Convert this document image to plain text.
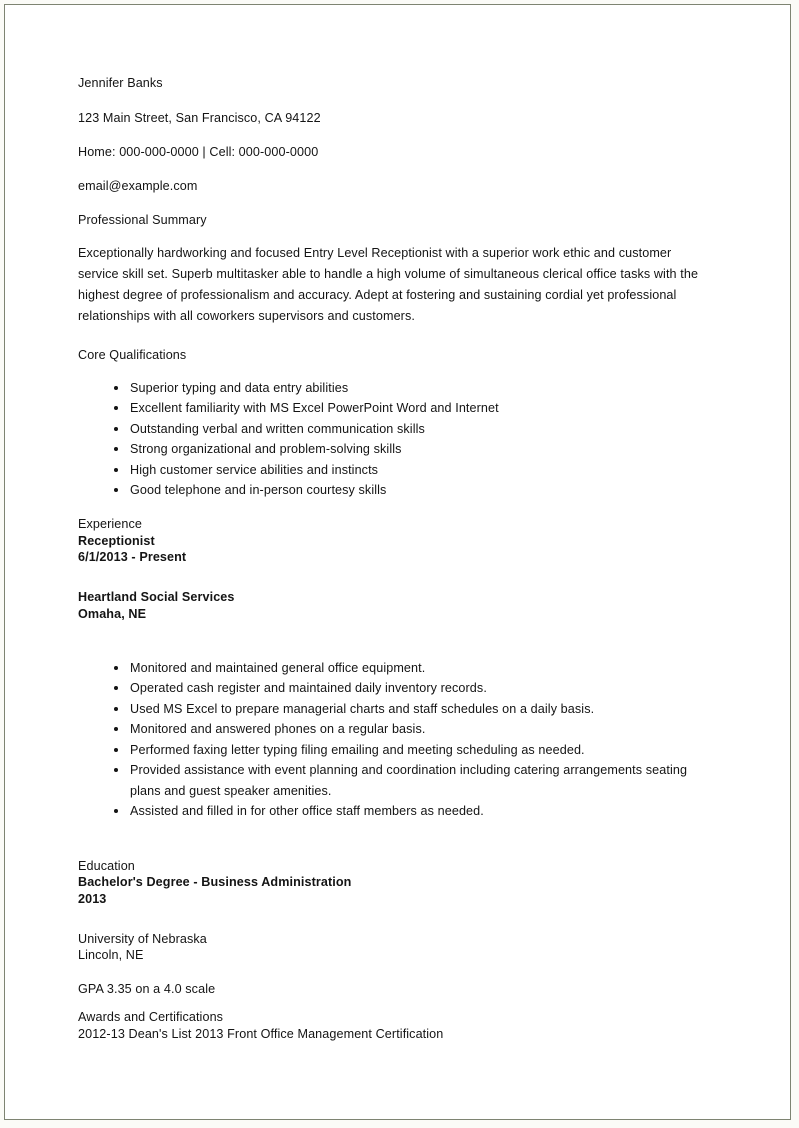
Jennifer Banks
123 Main Street, San Francisco, CA 94122
Home: 000-000-0000 | Cell: 000-000-0000
email@example.com
Professional Summary
Exceptionally hardworking and focused Entry Level Receptionist with a superior work ethic and customer service skill set. Superb multitasker able to handle a high volume of simultaneous clerical office tasks with the highest degree of professionalism and accuracy. Adept at fostering and sustaining cordial yet professional relationships with all coworkers supervisors and customers.
Core Qualifications
Superior typing and data entry abilities
Excellent familiarity with MS Excel PowerPoint Word and Internet
Outstanding verbal and written communication skills
Strong organizational and problem-solving skills
High customer service abilities and instincts
Good telephone and in-person courtesy skills
Experience
Receptionist
6/1/2013 - Present
Heartland Social Services
Omaha, NE
Monitored and maintained general office equipment.
Operated cash register and maintained daily inventory records.
Used MS Excel to prepare managerial charts and staff schedules on a daily basis.
Monitored and answered phones on a regular basis.
Performed faxing letter typing filing emailing and meeting scheduling as needed.
Provided assistance with event planning and coordination including catering arrangements seating plans and guest speaker amenities.
Assisted and filled in for other office staff members as needed.
Education
Bachelor's Degree - Business Administration
2013
University of Nebraska
Lincoln, NE
GPA 3.35 on a 4.0 scale
Awards and Certifications
2012-13 Dean's List 2013 Front Office Management Certification
